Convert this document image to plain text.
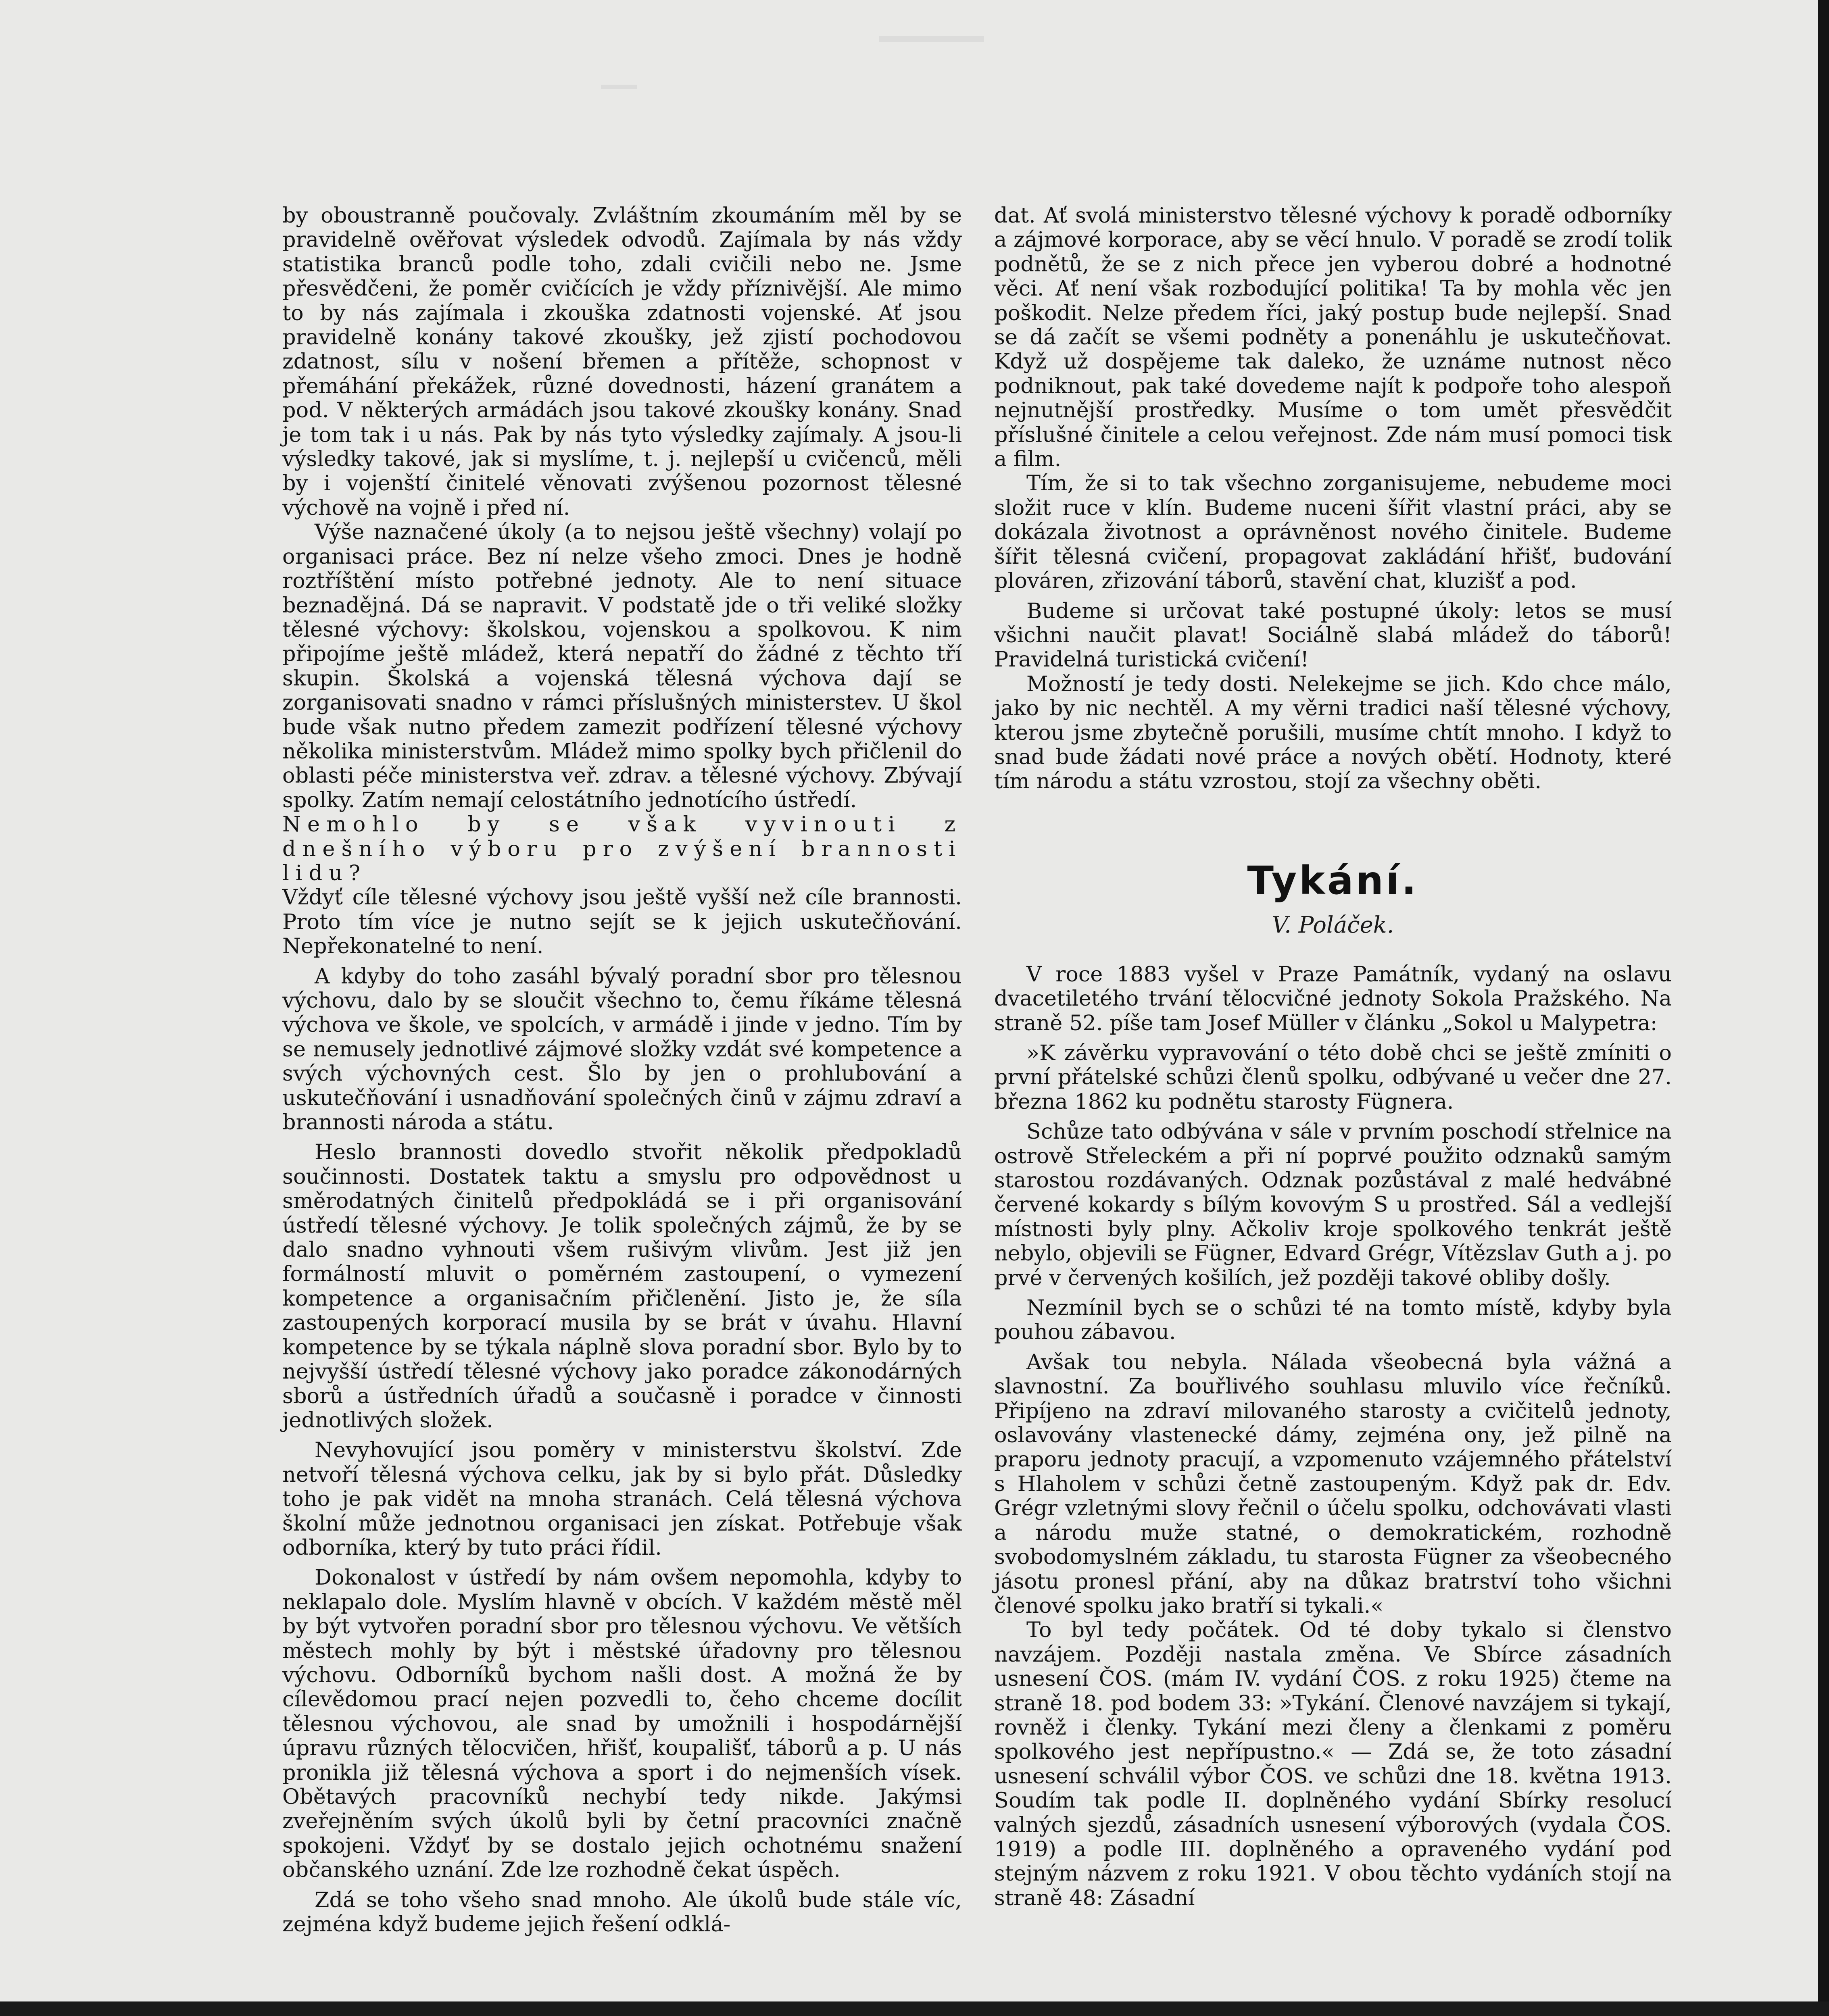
by oboustranně poučovaly. Zvláštním zkoumáním měl by se pravidelně ověřovat výsledek odvodů. Zajímala by nás vždy statistika branců podle toho, zdali cvičili nebo ne. Jsme přesvědčeni, že poměr cvičících je vždy příznivější. Ale mimo to by nás zajímala i zkouška zdatnosti vojenské. Ať jsou pravidelně konány takové zkoušky, jež zjistí pochodovou zdatnost, sílu v nošení břemen a přítěže, schopnost v přemáhání překážek, různé dovednosti, házení granátem a pod. V některých armádách jsou takové zkoušky konány. Snad je tom tak i u nás. Pak by nás tyto výsledky zajímaly. A jsou-li výsledky takové, jak si myslíme, t. j. nejlepší u cvičenců, měli by i vojenští činitelé věnovati zvýšenou pozornost tělesné výchově na vojně i před ní.

Výše naznačené úkoly (a to nejsou ještě všechny) volají po organisaci práce. Bez ní nelze všeho zmoci. Dnes je hodně roztříštění místo potřebné jednoty. Ale to není situace beznadějná. Dá se napravit. V podstatě jde o tři veliké složky tělesné výchovy: školskou, vojenskou a spolkovou. K nim připojíme ještě mládež, která nepatří do žádné z těchto tří skupin. Školská a vojenská tělesná výchova dají se zorganisovati snadno v rámci příslušných ministerstev. U škol bude však nutno předem zamezit podřízení tělesné výchovy několika ministerstvům. Mládež mimo spolky bych přičlenil do oblasti péče ministerstva veř. zdrav. a tělesné výchovy. Zbývají spolky. Zatím nemají celostátního jednotícího ústředí.

Nemohlo by se však vyvinouti z dnešního výboru pro zvýšení brannosti lidu?

Vždyť cíle tělesné výchovy jsou ještě vyšší než cíle brannosti. Proto tím více je nutno sejít se k jejich uskutečňování. Nepřekonatelné to není.

A kdyby do toho zasáhl bývalý poradní sbor pro tělesnou výchovu, dalo by se sloučit všechno to, čemu říkáme tělesná výchova ve škole, ve spolcích, v armádě i jinde v jedno. Tím by se nemusely jednotlivé zájmové složky vzdát své kompetence a svých výchovných cest. Šlo by jen o prohlubování a uskutečňování i usnadňování společných činů v zájmu zdraví a brannosti národa a státu.

Heslo brannosti dovedlo stvořit několik předpokladů součinnosti. Dostatek taktu a smyslu pro odpovědnost u směrodatných činitelů předpokládá se i při organisování ústředí tělesné výchovy. Je tolik společných zájmů, že by se dalo snadno vyhnouti všem rušivým vlivům. Jest již jen formálností mluvit o poměrném zastoupení, o vymezení kompetence a organisačním přičlenění. Jisto je, že síla zastoupených korporací musila by se brát v úvahu. Hlavní kompetence by se týkala náplně slova poradní sbor. Bylo by to nejvyšší ústředí tělesné výchovy jako poradce zákonodárných sborů a ústředních úřadů a současně i poradce v činnosti jednotlivých složek.

Nevyhovující jsou poměry v ministerstvu školství. Zde netvoří tělesná výchova celku, jak by si bylo přát. Důsledky toho je pak vidět na mnoha stranách. Celá tělesná výchova školní může jednotnou organisaci jen získat. Potřebuje však odborníka, který by tuto práci řídil.

Dokonalost v ústředí by nám ovšem nepomohla, kdyby to neklapalo dole. Myslím hlavně v obcích. V každém městě měl by být vytvořen poradní sbor pro tělesnou výchovu. Ve větších městech mohly by být i městské úřadovny pro tělesnou výchovu. Odborníků bychom našli dost. A možná že by cílevědomou prací nejen pozvedli to, čeho chceme docílit tělesnou výchovou, ale snad by umožnili i hospodárnější úpravu různých tělocvičen, hřišť, koupališť, táborů a p. U nás pronikla již tělesná výchova a sport i do nejmenších vísek. Obětavých pracovníků nechybí tedy nikde. Jakýmsi zveřejněním svých úkolů byli by četní pracovníci značně spokojeni. Vždyť by se dostalo jejich ochotnému snažení občanského uznání. Zde lze rozhodně čekat úspěch.

Zdá se toho všeho snad mnoho. Ale úkolů bude stále víc, zejména když budeme jejich řešení odklá-

dat. Ať svolá ministerstvo tělesné výchovy k poradě odborníky a zájmové korporace, aby se věcí hnulo. V poradě se zrodí tolik podnětů, že se z nich přece jen vyberou dobré a hodnotné věci. Ať není však rozbodující politika! Ta by mohla věc jen poškodit. Nelze předem říci, jaký postup bude nejlepší. Snad se dá začít se všemi podněty a ponenáhlu je uskutečňovat. Když už dospějeme tak daleko, že uznáme nutnost něco podniknout, pak také dovedeme najít k podpoře toho alespoň nejnutnější prostředky. Musíme o tom umět přesvědčit příslušné činitele a celou veřejnost. Zde nám musí pomoci tisk a film.

Tím, že si to tak všechno zorganisujeme, nebudeme moci složit ruce v klín. Budeme nuceni šířit vlastní práci, aby se dokázala životnost a oprávněnost nového činitele. Budeme šířit tělesná cvičení, propagovat zakládání hřišť, budování plováren, zřizování táborů, stavění chat, kluzišť a pod.

Budeme si určovat také postupné úkoly: letos se musí všichni naučit plavat! Sociálně slabá mládež do táborů! Pravidelná turistická cvičení!

Možností je tedy dosti. Nelekejme se jich. Kdo chce málo, jako by nic nechtěl. A my věrni tradici naší tělesné výchovy, kterou jsme zbytečně porušili, musíme chtít mnoho. I když to snad bude žádati nové práce a nových obětí. Hodnoty, které tím národu a státu vzrostou, stojí za všechny oběti.

Tykání.
V. Poláček.

V roce 1883 vyšel v Praze Památník, vydaný na oslavu dvacetiletého trvání tělocvičné jednoty Sokola Pražského. Na straně 52. píše tam Josef Müller v článku „Sokol u Malypetra:

»K závěrku vypravování o této době chci se ještě zmíniti o první přátelské schůzi členů spolku, odbývané u večer dne 27. března 1862 ku podnětu starosty Fügnera.

Schůze tato odbývána v sále v prvním poschodí střelnice na ostrově Střeleckém a při ní poprvé použito odznaků samým starostou rozdávaných. Odznak pozůstával z malé hedvábné červené kokardy s bílým kovovým S u prostřed. Sál a vedlejší místnosti byly plny. Ačkoliv kroje spolkového tenkrát ještě nebylo, objevili se Fügner, Edvard Grégr, Vítězslav Guth a j. po prvé v červených košilích, jež později takové obliby došly.

Nezmínil bych se o schůzi té na tomto místě, kdyby byla pouhou zábavou.

Avšak tou nebyla. Nálada všeobecná byla vážná a slavnostní. Za bouřlivého souhlasu mluvilo více řečníků. Připíjeno na zdraví milovaného starosty a cvičitelů jednoty, oslavovány vlastenecké dámy, zejména ony, jež pilně na praporu jednoty pracují, a vzpomenuto vzájemného přátelství s Hlaholem v schůzi četně zastoupeným. Když pak dr. Edv. Grégr vzletnými slovy řečnil o účelu spolku, odchovávati vlasti a národu muže statné, o demokratickém, rozhodně svobodomyslném základu, tu starosta Fügner za všeobecného jásotu pronesl přání, aby na důkaz bratrství toho všichni členové spolku jako bratří si tykali.«

To byl tedy počátek. Od té doby tykalo si členstvo navzájem. Později nastala změna. Ve Sbírce zásadních usnesení ČOS. (mám IV. vydání ČOS. z roku 1925) čteme na straně 18. pod bodem 33: »Tykání. Členové navzájem si tykají, rovněž i členky. Tykání mezi členy a členkami z poměru spolkového jest nepřípustno.« — Zdá se, že toto zásadní usnesení schválil výbor ČOS. ve schůzi dne 18. května 1913. Soudím tak podle II. doplněného vydání Sbírky resolucí valných sjezdů, zásadních usnesení výborových (vydala ČOS. 1919) a podle III. doplněného a opraveného vydání pod stejným názvem z roku 1921. V obou těchto vydáních stojí na straně 48: Zásadní
